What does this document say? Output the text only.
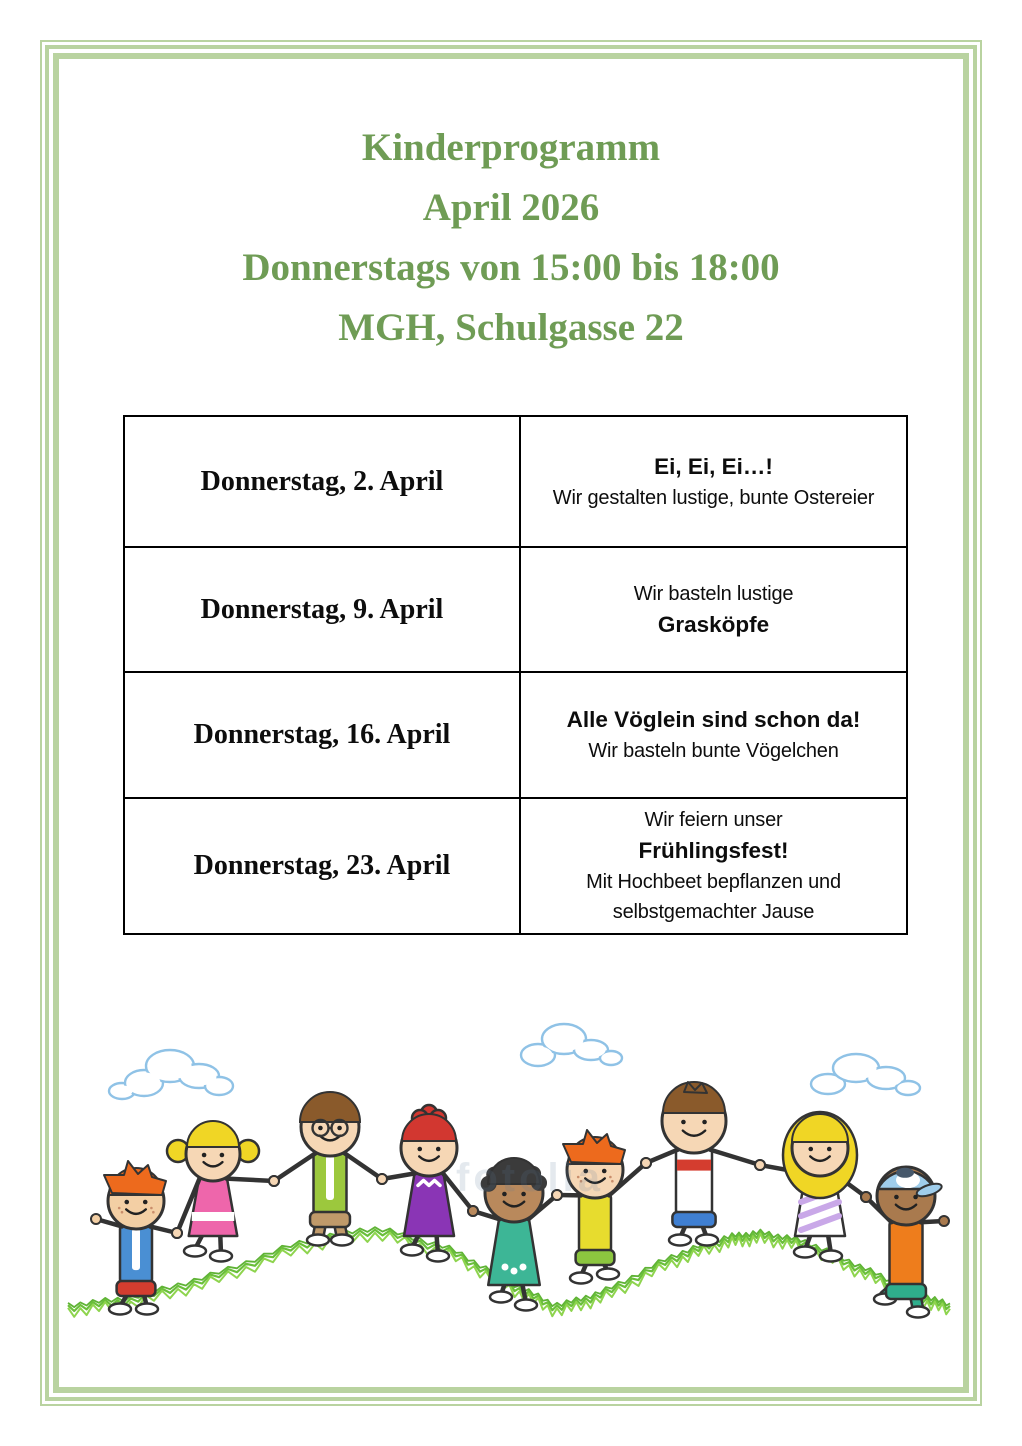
Kinderprogramm
April 2026
Donnerstags von 15:00 bis 18:00
MGH, Schulgasse 22
Donnerstag, 2. April	Ei, Ei, Ei…!
Wir gestalten lustige, bunte Ostereier

Donnerstag, 9. April	Wir basteln lustige
Grasköpfe

Donnerstag, 16. April	Alle Vöglein sind schon da!
Wir basteln bunte Vögelchen

Donnerstag, 23. April	Wir feiern unser
Frühlingsfest!
Mit Hochbeet bepflanzen und
selbstgemachter Jause
fotolia
